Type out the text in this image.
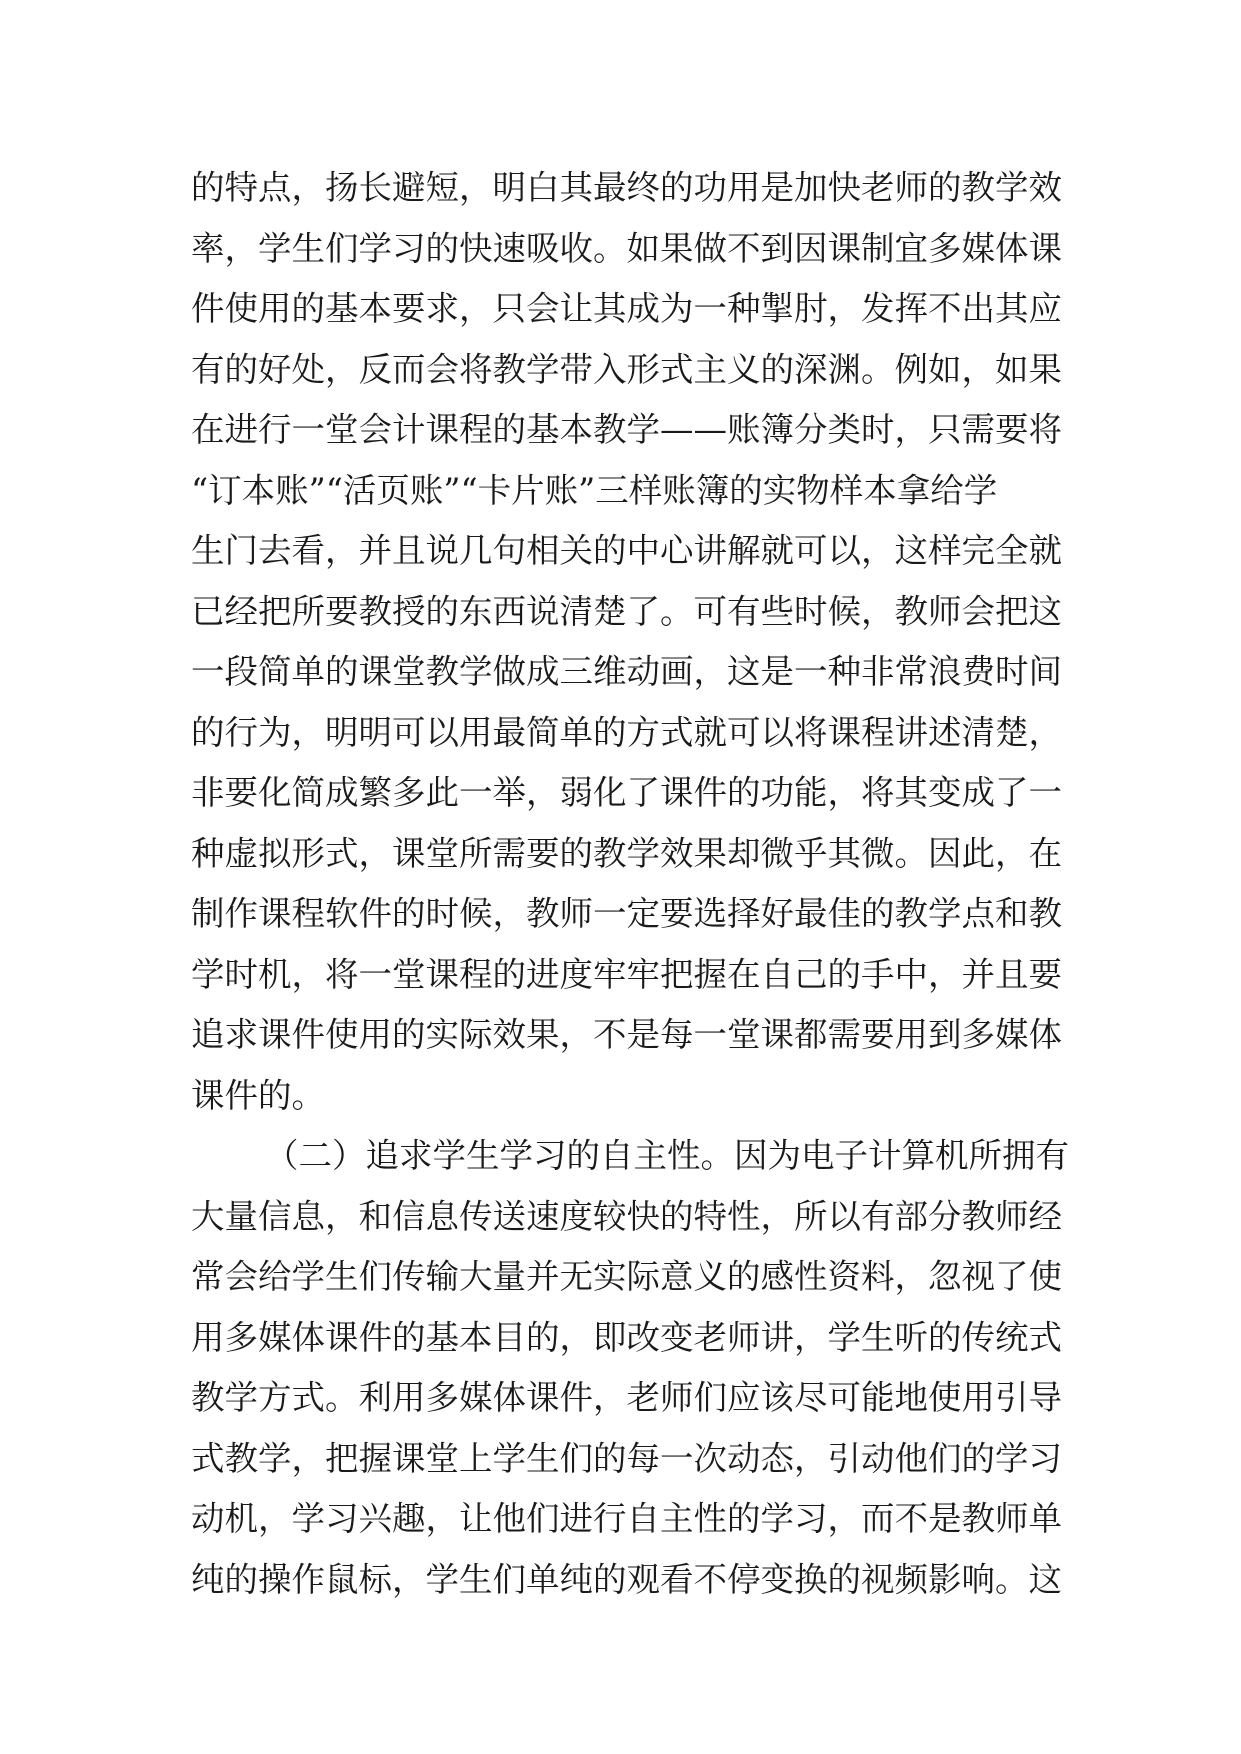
的特点，扬长避短，明白其最终的功用是加快老师的教学效
率，学生们学习的快速吸收。如果做不到因课制宜多媒体课
件使用的基本要求，只会让其成为一种掣肘，发挥不出其应
有的好处，反而会将教学带入形式主义的深渊。例如，如果
在进行一堂会计课程的基本教学——账簿分类时，只需要将
“订本账”“活页账”“卡片账”三样账簿的实物样本拿给学
生门去看，并且说几句相关的中心讲解就可以，这样完全就
已经把所要教授的东西说清楚了。可有些时候，教师会把这
一段简单的课堂教学做成三维动画，这是一种非常浪费时间
的行为，明明可以用最简单的方式就可以将课程讲述清楚，
非要化简成繁多此一举，弱化了课件的功能，将其变成了一
种虚拟形式，课堂所需要的教学效果却微乎其微。因此，在
制作课程软件的时候，教师一定要选择好最佳的教学点和教
学时机，将一堂课程的进度牢牢把握在自己的手中，并且要
追求课件使用的实际效果，不是每一堂课都需要用到多媒体
课件的。
（二）追求学生学习的自主性。因为电子计算机所拥有
大量信息，和信息传送速度较快的特性，所以有部分教师经
常会给学生们传输大量并无实际意义的感性资料，忽视了使
用多媒体课件的基本目的，即改变老师讲，学生听的传统式
教学方式。利用多媒体课件，老师们应该尽可能地使用引导
式教学，把握课堂上学生们的每一次动态，引动他们的学习
动机，学习兴趣，让他们进行自主性的学习，而不是教师单
纯的操作鼠标，学生们单纯的观看不停变换的视频影响。这
